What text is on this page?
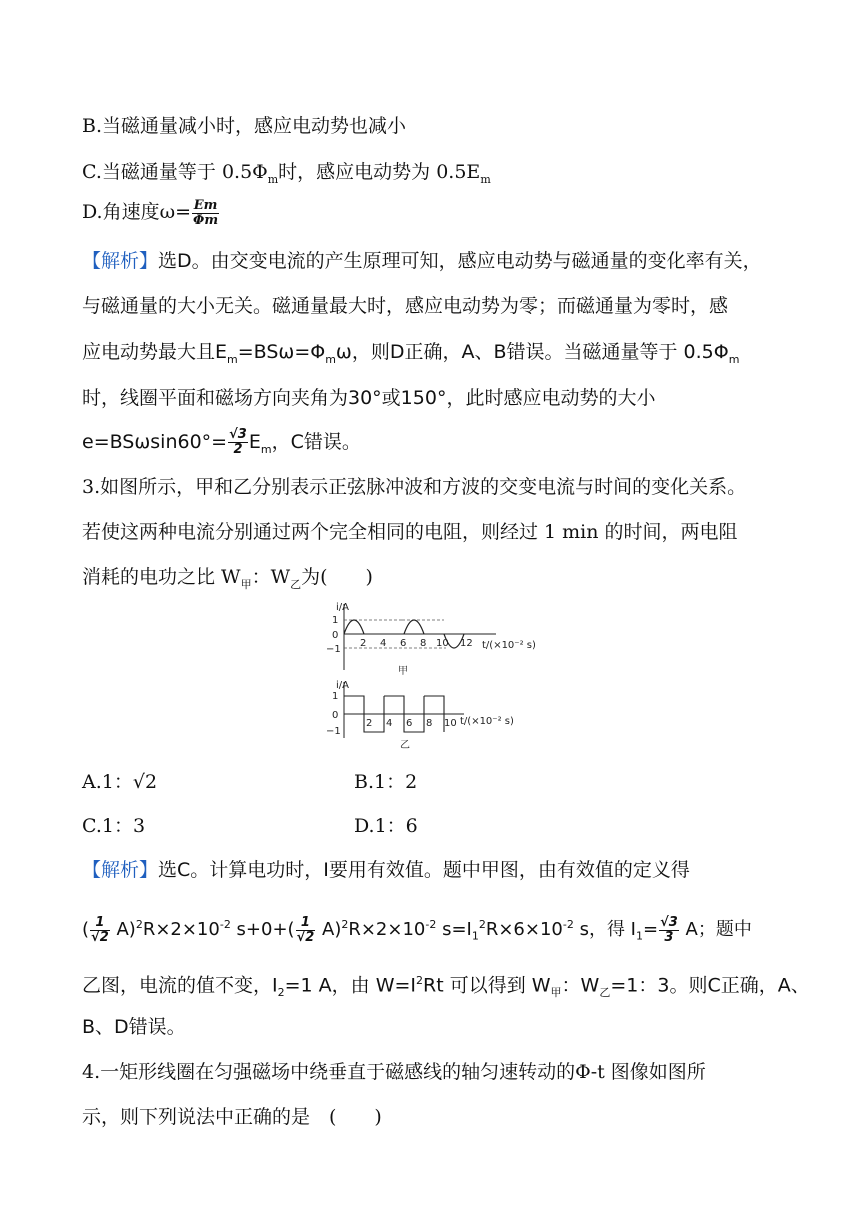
B.当磁通量减小时，感应电动势也减小
C.当磁通量等于 $0.5\Phi_m$时，感应电动势为 $0.5E_m$
D.角速度$\omega= \frac{Em}{\Phi m}$
【解析】选D。由交变电流的产生原理可知，感应电动势与磁通量的变化率有关，
与磁通量的大小无关。磁通量最大时，感应电动势为零；而磁通量为零时，感
应电动势最大且$E_m=BS\omega=\Phi_m\omega$，则D正确，A、B错误。当磁通量等于 $0.5\Phi_m$
时，线圈平面和磁场方向夹角为30°或150°，此时感应电动势的大小
$e=BS\omega\sin 60^\circ= \frac{√3}{2} E_m$，C错误。
3.如图所示，甲和乙分别表示正弦脉冲波和方波的交变电流与时间的变化关系。
若使这两种电流分别通过两个完全相同的电阻，则经过 1 min 的时间，两电阻
消耗的电功之比 $W_甲$：$W_乙$为(　　)
i/A
1
0
−1
2 4 6 8 10 12 t/(×10⁻² s)
甲
i/A
1
0
−1
2 4 6 8 10 t/(×10⁻² s)
乙
A.1：√2	B.1：2
C.1：3	D.1：6
【解析】选C。计算电功时，I要用有效值。题中甲图，由有效值的定义得
( $\frac{1}{√2} A)^2R\times 2\times 10^{-2}$ $s+0+( \frac{1}{√2} A)^2R\times 2\times 10^{-2}$ $s=I_1^2R\times 6\times 10^{-2}$ s，得 $I_1= \frac{√3}{3}$ A；题中
乙图，电流的值不变，$I_2=1$ A，由 $W=I^2Rt$ 可以得到 $W_甲$：$W_乙=1$：3。则C正确，A、
B、D错误。
4.一矩形线圈在匀强磁场中绕垂直于磁感线的轴匀速转动的Φ-t 图像如图所
示，则下列说法中正确的是　(　　)
